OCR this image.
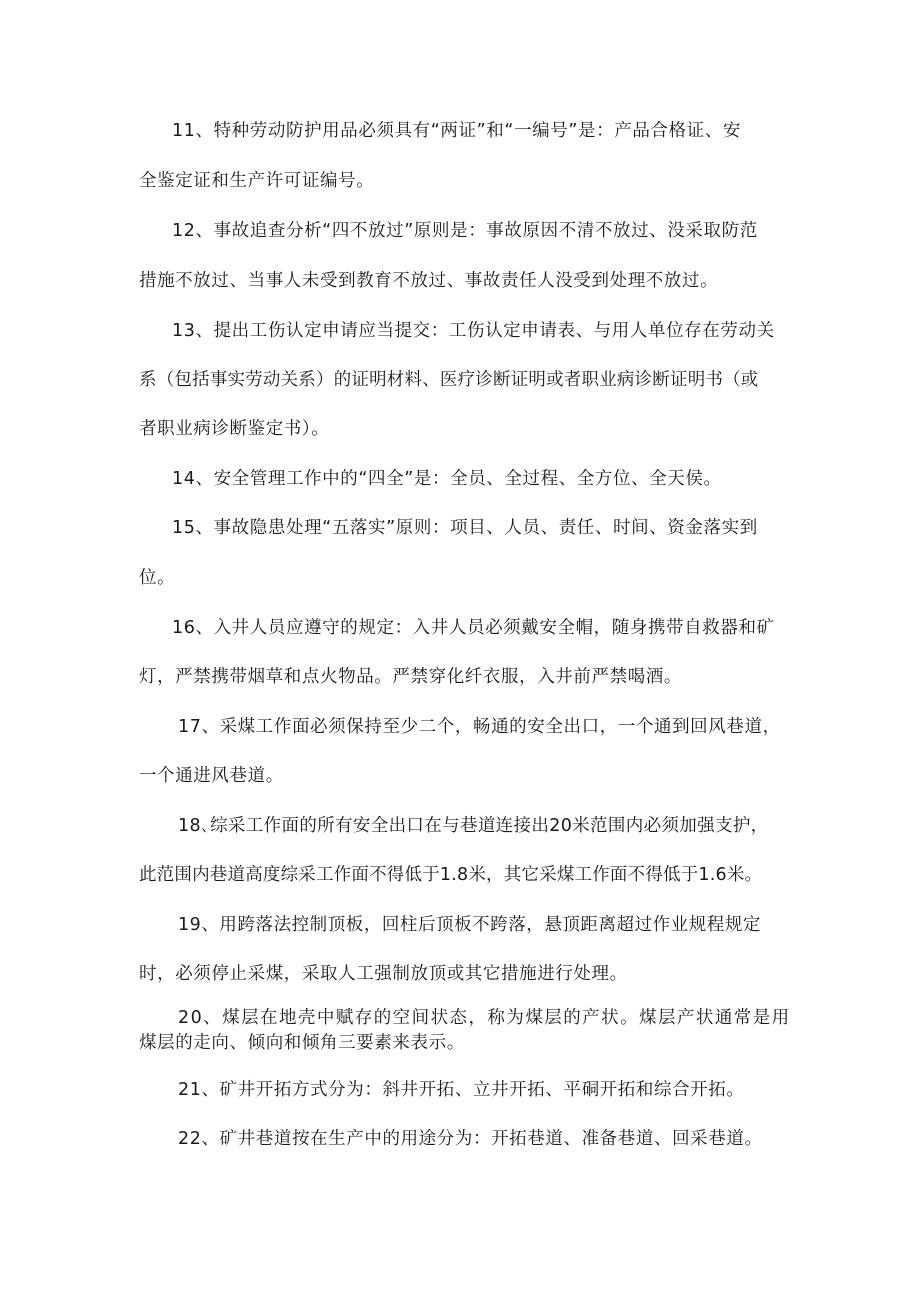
11、特种劳动防护用品必须具有“两证”和“一编号”是：产品合格证、安

全鉴定证和生产许可证编号。

12、事故追查分析“四不放过”原则是：事故原因不清不放过、没采取防范

措施不放过、当事人未受到教育不放过、事故责任人没受到处理不放过。

13、提出工伤认定申请应当提交：工伤认定申请表、与用人单位存在劳动关

系（包括事实劳动关系）的证明材料、医疗诊断证明或者职业病诊断证明书（或

者职业病诊断鉴定书）。

14、安全管理工作中的“四全”是：全员、全过程、全方位、全天侯。

15、事故隐患处理“五落实”原则：项目、人员、责任、时间、资金落实到

位。

16、入井人员应遵守的规定：入井人员必须戴安全帽，随身携带自救器和矿

灯，严禁携带烟草和点火物品。严禁穿化纤衣服，入井前严禁喝酒。

17、采煤工作面必须保持至少二个，畅通的安全出口，一个通到回风巷道，

一个通进风巷道。

18､综采工作面的所有安全出口在与巷道连接出20米范围内必须加强支护，

此范围内巷道高度综采工作面不得低于1.8米，其它采煤工作面不得低于1.6米。

19、用跨落法控制顶板，回柱后顶板不跨落，悬顶距离超过作业规程规定

时，必须停止采煤，采取人工强制放顶或其它措施进行处理。

20、煤层在地壳中赋存的空间状态，称为煤层的产状。煤层产状通常是用

煤层的走向、倾向和倾角三要素来表示。

21、矿井开拓方式分为：斜井开拓、立井开拓、平硐开拓和综合开拓。

22、矿井巷道按在生产中的用途分为：开拓巷道、准备巷道、回采巷道。
